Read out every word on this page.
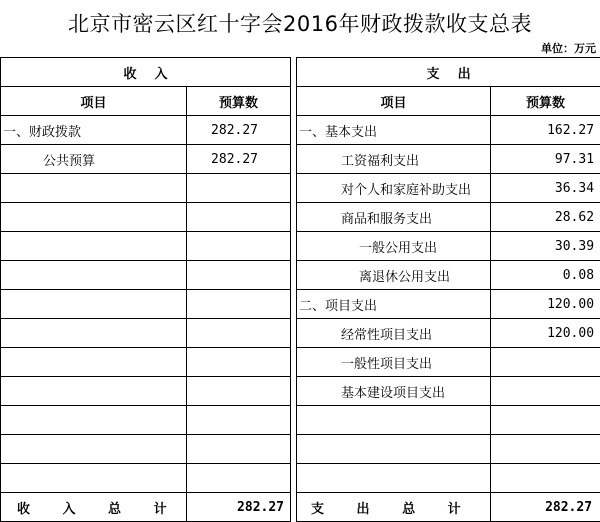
北京市密云区红十字会2016年财政拨款收支总表
单位：万元
收    入			支    出	
项目	预算数		项目	预算数
一、财政拨款	282.27		一、基本支出	162.27
公共预算	282.27		工资福利支出	97.31
			对个人和家庭补助支出	36.34
			商品和服务支出	28.62
			一般公用支出	30.39
			离退休公用支出	0.08
			二、项目支出	120.00
			经常性项目支出	120.00
			一般性项目支出	
			基本建设项目支出	

收 入 总 计	282.27		支 出 总 计	282.27
